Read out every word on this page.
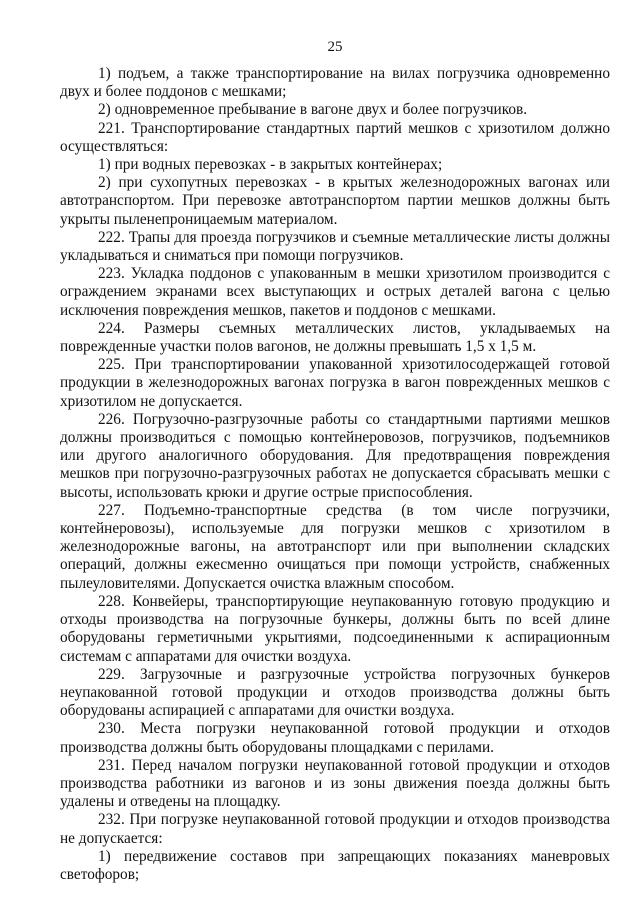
25

1) подъем, а также транспортирование на вилах погрузчика одновременно двух и более поддонов с мешками;

2) одновременное пребывание в вагоне двух и более погрузчиков.

221. Транспортирование стандартных партий мешков с хризотилом должно осуществляться:

1) при водных перевозках - в закрытых контейнерах;

2) при сухопутных перевозках - в крытых железнодорожных вагонах или автотранспортом. При перевозке автотранспортом партии мешков должны быть укрыты пыленепроницаемым материалом.

222. Трапы для проезда погрузчиков и съемные металлические листы должны укладываться и сниматься при помощи погрузчиков.

223. Укладка поддонов с упакованным в мешки хризотилом производится с ограждением экранами всех выступающих и острых деталей вагона с целью исключения повреждения мешков, пакетов и поддонов с мешками.

224. Размеры съемных металлических листов, укладываемых на поврежденные участки полов вагонов, не должны превышать 1,5 х 1,5 м.

225. При транспортировании упакованной хризотилосодержащей готовой продукции в железнодорожных вагонах погрузка в вагон поврежденных мешков с хризотилом не допускается.

226. Погрузочно-разгрузочные работы со стандартными партиями мешков должны производиться с помощью контейнеровозов, погрузчиков, подъемников или другого аналогичного оборудования. Для предотвращения повреждения мешков при погрузочно-разгрузочных работах не допускается сбрасывать мешки с высоты, использовать крюки и другие острые приспособления.

227. Подъемно-транспортные средства (в том числе погрузчики, контейнеровозы), используемые для погрузки мешков с хризотилом в железнодорожные вагоны, на автотранспорт или при выполнении складских операций, должны ежесменно очищаться при помощи устройств, снабженных пылеуловителями. Допускается очистка влажным способом.

228. Конвейеры, транспортирующие неупакованную готовую продукцию и отходы производства на погрузочные бункеры, должны быть по всей длине оборудованы герметичными укрытиями, подсоединенными к аспирационным системам с аппаратами для очистки воздуха.

229. Загрузочные и разгрузочные устройства погрузочных бункеров неупакованной готовой продукции и отходов производства должны быть оборудованы аспирацией с аппаратами для очистки воздуха.

230. Места погрузки неупакованной готовой продукции и отходов производства должны быть оборудованы площадками с перилами.

231. Перед началом погрузки неупакованной готовой продукции и отходов производства работники из вагонов и из зоны движения поезда должны быть удалены и отведены на площадку.

232. При погрузке неупакованной готовой продукции и отходов производства не допускается:

1) передвижение составов при запрещающих показаниях маневровых светофоров;
